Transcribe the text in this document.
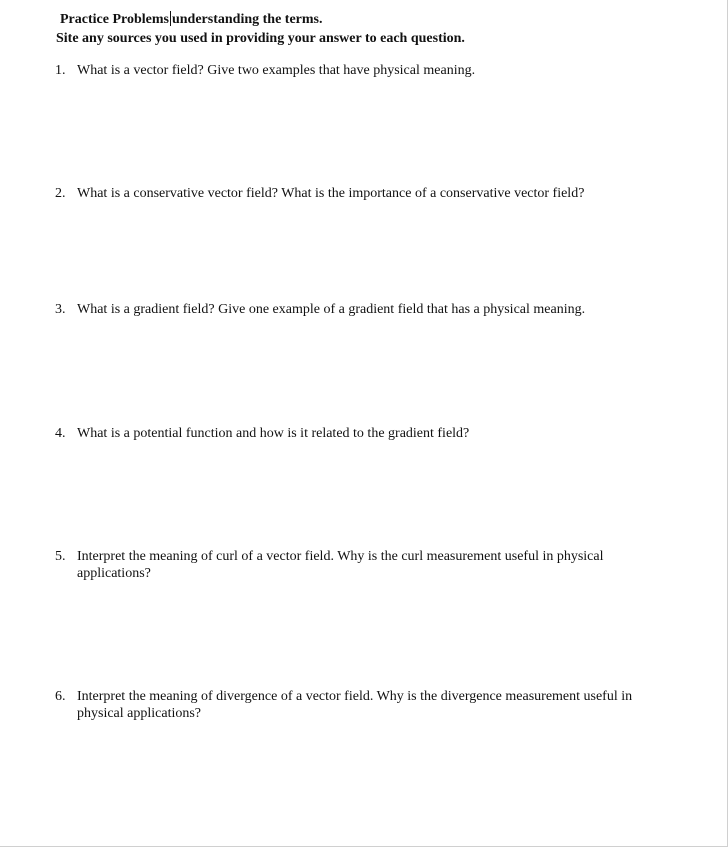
Practice Problems understanding the terms.
Site any sources you used in providing your answer to each question.
1. What is a vector field? Give two examples that have physical meaning.
2. What is a conservative vector field? What is the importance of a conservative vector field?
3. What is a gradient field? Give one example of a gradient field that has a physical meaning.
4. What is a potential function and how is it related to the gradient field?
5. Interpret the meaning of curl of a vector field. Why is the curl measurement useful in physical applications?
6. Interpret the meaning of divergence of a vector field. Why is the divergence measurement useful in physical applications?
